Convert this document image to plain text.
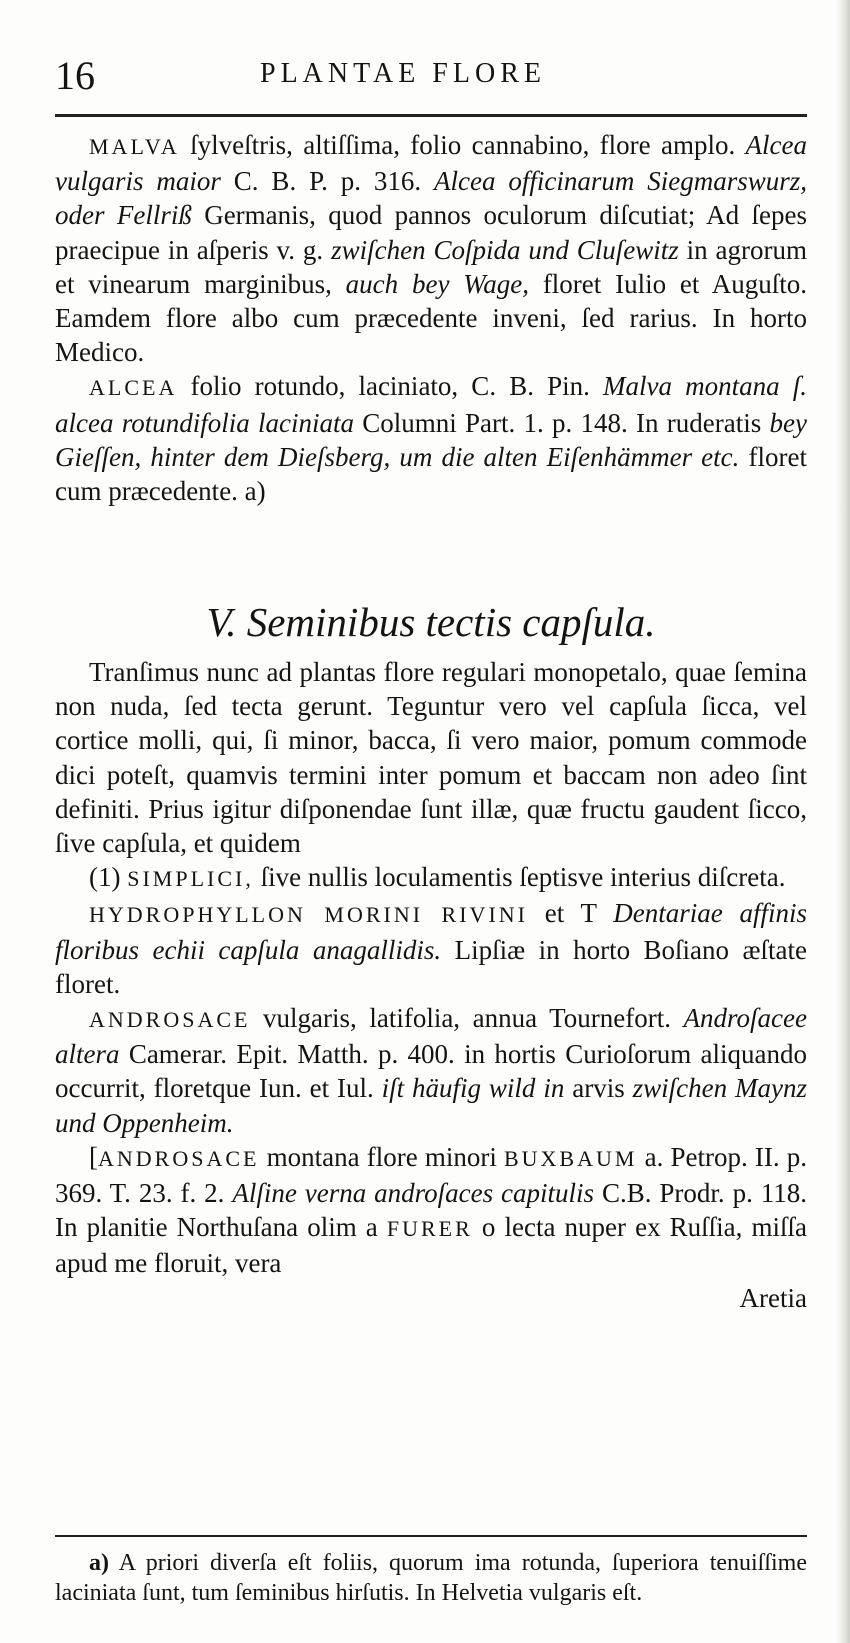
16	PLANTAE FLORE

MALVA ſylveſtris, altiſſima, folio cannabino, flore amplo. Alcea vulgaris maior C. B. P. p. 316. Alcea officinarum Siegmarswurz, oder Fellriß Germanis, quod pannos oculorum diſcutiat; Ad ſepes praecipue in aſperis v. g. zwiſchen Coſpida und Cluſewitz in agrorum et vinearum marginibus, auch bey Wage, floret Iulio et Auguſto. Eamdem flore albo cum præcedente inveni, ſed rarius. In horto Medico.

ALCEA folio rotundo, laciniato, C. B. Pin. Malva montana ſ. alcea rotundifolia laciniata Columni Part. 1. p. 148. In ruderatis bey Gieſſen, hinter dem Dieſsberg, um die alten Eiſenhämmer etc. floret cum præcedente. a)

V. Seminibus tectis capſula.

Tranſimus nunc ad plantas flore regulari monopetalo, quae ſemina non nuda, ſed tecta gerunt. Teguntur vero vel capſula ſicca, vel cortice molli, qui, ſi minor, bacca, ſi vero maior, pomum commode dici poteſt, quamvis termini inter pomum et baccam non adeo ſint definiti. Prius igitur diſponendae ſunt illæ, quæ fructu gaudent ſicco, ſive capſula, et quidem

(1) SIMPLICI, ſive nullis loculamentis ſeptisve interius diſcreta.

HYDROPHYLLON MORINI RIVINI et T Dentariae affinis floribus echii capſula anagallidis. Lipſiæ in horto Boſiano æſtate floret.

ANDROSACE vulgaris, latifolia, annua Tournefort. Androſacee altera Camerar. Epit. Matth. p. 400. in hortis Curioſorum aliquando occurrit, floretque Iun. et Iul. iſt häufig wild in arvis zwiſchen Maynz und Oppenheim.

[ANDROSACE montana flore minori BUXBAUM a. Petrop. II. p. 369. T. 23. f. 2. Alſine verna androſaces capitulis C.B. Prodr. p. 118. In planitie Northuſana olim a FURER o lecta nuper ex Ruſſia, miſſa apud me floruit, vera

Aretia

a) A priori diverſa eſt foliis, quorum ima rotunda, ſuperiora tenuiſſime laciniata ſunt, tum ſeminibus hirſutis. In Helvetia vulgaris eſt.
